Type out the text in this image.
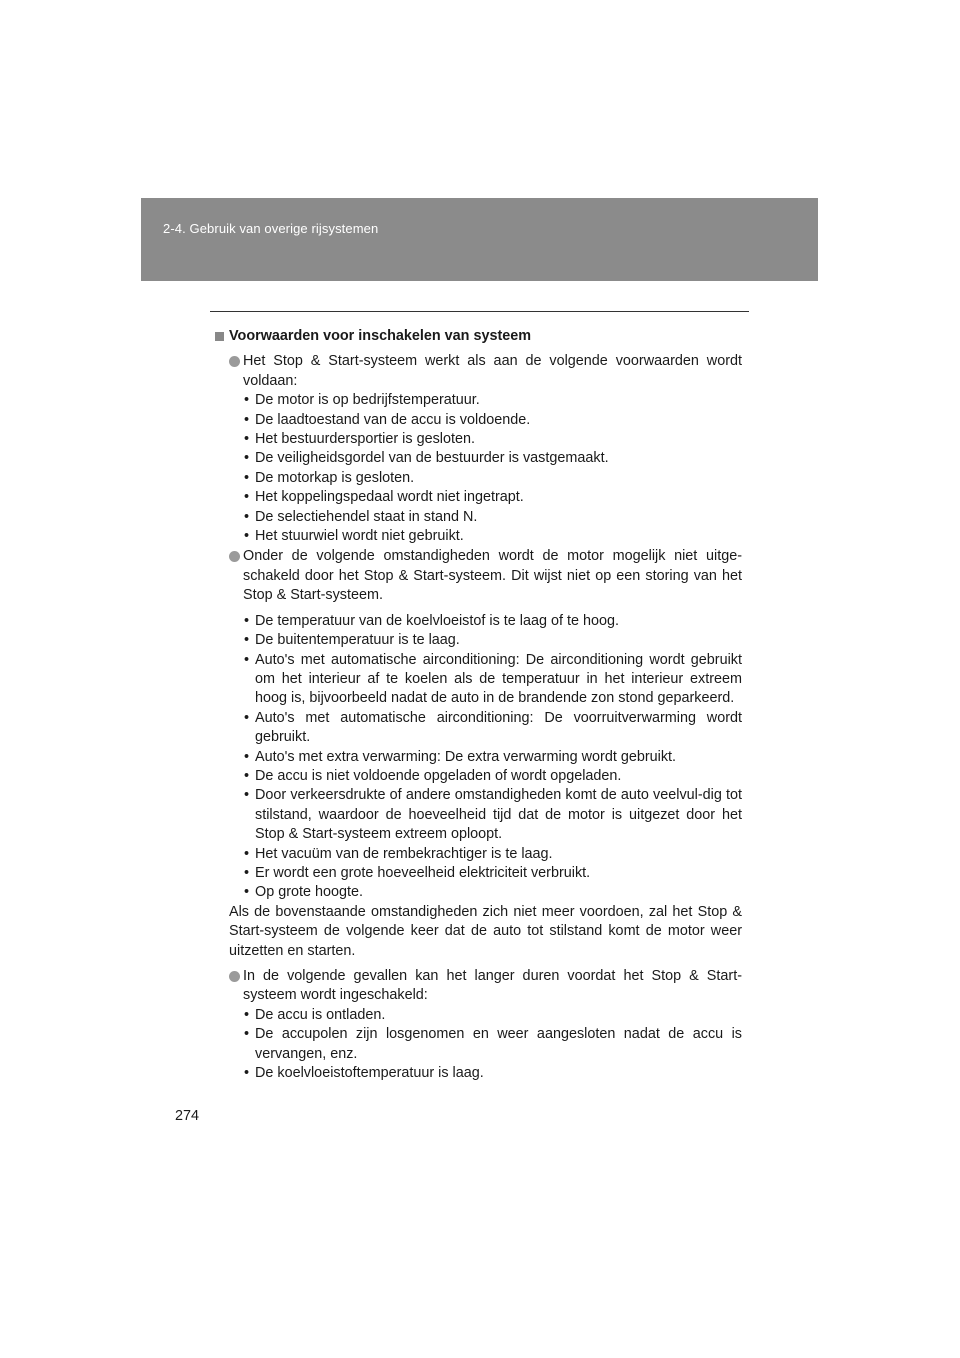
2-4. Gebruik van overige rijsystemen
Voorwaarden voor inschakelen van systeem
Het Stop & Start-systeem werkt als aan de volgende voorwaarden wordt voldaan:
• De motor is op bedrijfstemperatuur.
• De laadtoestand van de accu is voldoende.
• Het bestuurdersportier is gesloten.
• De veiligheidsgordel van de bestuurder is vastgemaakt.
• De motorkap is gesloten.
• Het koppelingspedaal wordt niet ingetrapt.
• De selectiehendel staat in stand N.
• Het stuurwiel wordt niet gebruikt.
Onder de volgende omstandigheden wordt de motor mogelijk niet uitge-schakeld door het Stop & Start-systeem. Dit wijst niet op een storing van het Stop & Start-systeem.
• De temperatuur van de koelvloeistof is te laag of te hoog.
• De buitentemperatuur is te laag.
• Auto's met automatische airconditioning: De airconditioning wordt gebruikt om het interieur af te koelen als de temperatuur in het interieur extreem hoog is, bijvoorbeeld nadat de auto in de brandende zon stond geparkeerd.
• Auto's met automatische airconditioning: De voorruitverwarming wordt gebruikt.
• Auto's met extra verwarming: De extra verwarming wordt gebruikt.
• De accu is niet voldoende opgeladen of wordt opgeladen.
• Door verkeersdrukte of andere omstandigheden komt de auto veelvul-dig tot stilstand, waardoor de hoeveelheid tijd dat de motor is uitgezet door het Stop & Start-systeem extreem oploopt.
• Het vacuüm van de rembekrachtiger is te laag.
• Er wordt een grote hoeveelheid elektriciteit verbruikt.
• Op grote hoogte.
Als de bovenstaande omstandigheden zich niet meer voordoen, zal het Stop & Start-systeem de volgende keer dat de auto tot stilstand komt de motor weer uitzetten en starten.
In de volgende gevallen kan het langer duren voordat het Stop & Start-systeem wordt ingeschakeld:
• De accu is ontladen.
• De accupolen zijn losgenomen en weer aangesloten nadat de accu is vervangen, enz.
• De koelvloeistoftemperatuur is laag.
274
